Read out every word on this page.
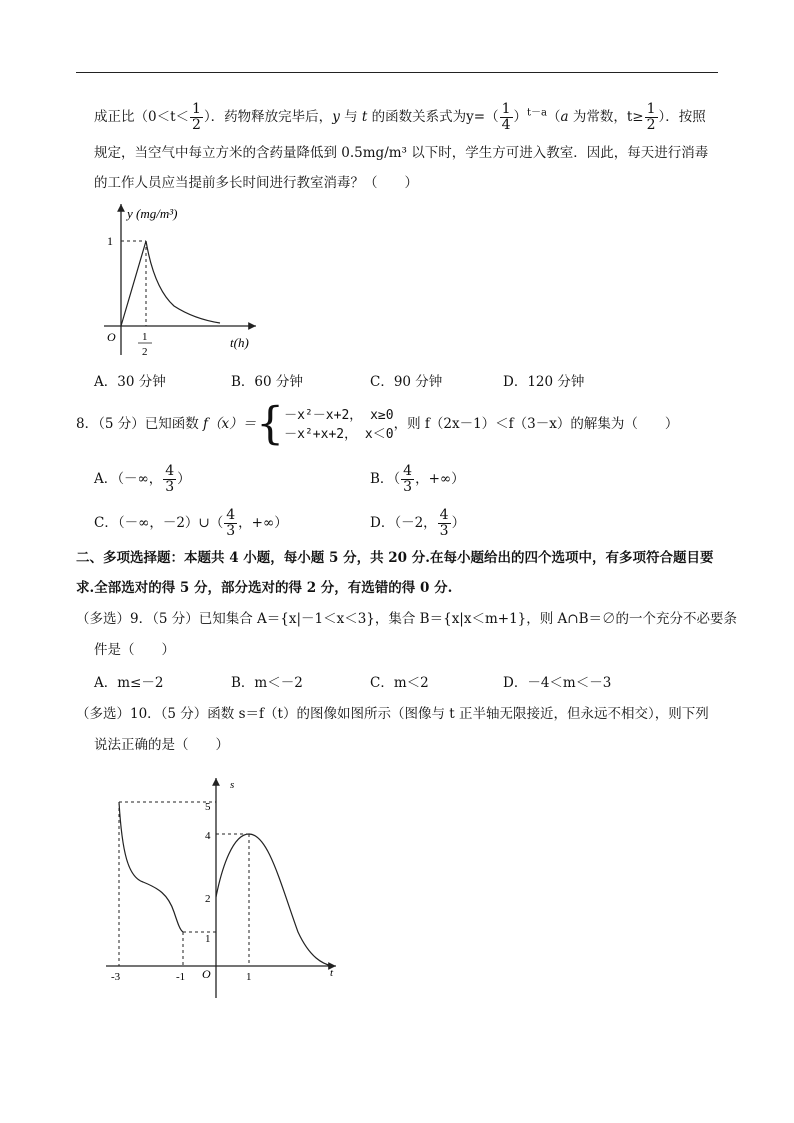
成正比（$0<t< \frac{1}{2}$ ）．药物释放完毕后，y 与 t 的函数关系式为$y=( \frac{1}{4} )^{t-a}(a$ 为常数，$t\ge \frac{1}{2}$ ）．按照
规定，当空气中每立方米的含药量降低到 0.5mg/m³ 以下时，学生方可进入教室．因此，每天进行消毒
的工作人员应当提前多长时间进行教室消毒？（　　）
y (mg/m³)
t(h)
O
1
1
2
A．30 分钟	B．60 分钟	C．90 分钟	D．120 分钟
8．（5 分）已知函数 f（x）＝{ －x²－x+2， x≥0
－x²+x+2， x＜0
，则 f（2x－1）＜f（3－x）的解集为（　　）
A．（－∞， $\frac{4}{3}$ ）	B．（ $\frac{4}{3}$ ，+∞）
C．（－∞，－2）∪（ $\frac{4}{3}$ ，+∞）	D．（－2， $\frac{4}{3}$ ）
二、多项选择题：本题共 4 小题，每小题 5 分，共 20 分.在每小题给出的四个选项中，有多项符合题目要
求.全部选对的得 5 分，部分选对的得 2 分，有选错的得 0 分.
（多选）9．（5 分）已知集合 A＝{x|－1＜x＜3}，集合 B＝{x|x＜m+1}，则 A∩B＝∅的一个充分不必要条
件是（　　）
A．m≤－2	B．m＜－2	C．m＜2	D．－4＜m＜－3
（多选）10．（5 分）函数 s＝f（t）的图像如图所示（图像与 t 正半轴无限接近，但永远不相交），则下列
说法正确的是（　　）
s
t
O
-3	-1	1
5
4
2
1
